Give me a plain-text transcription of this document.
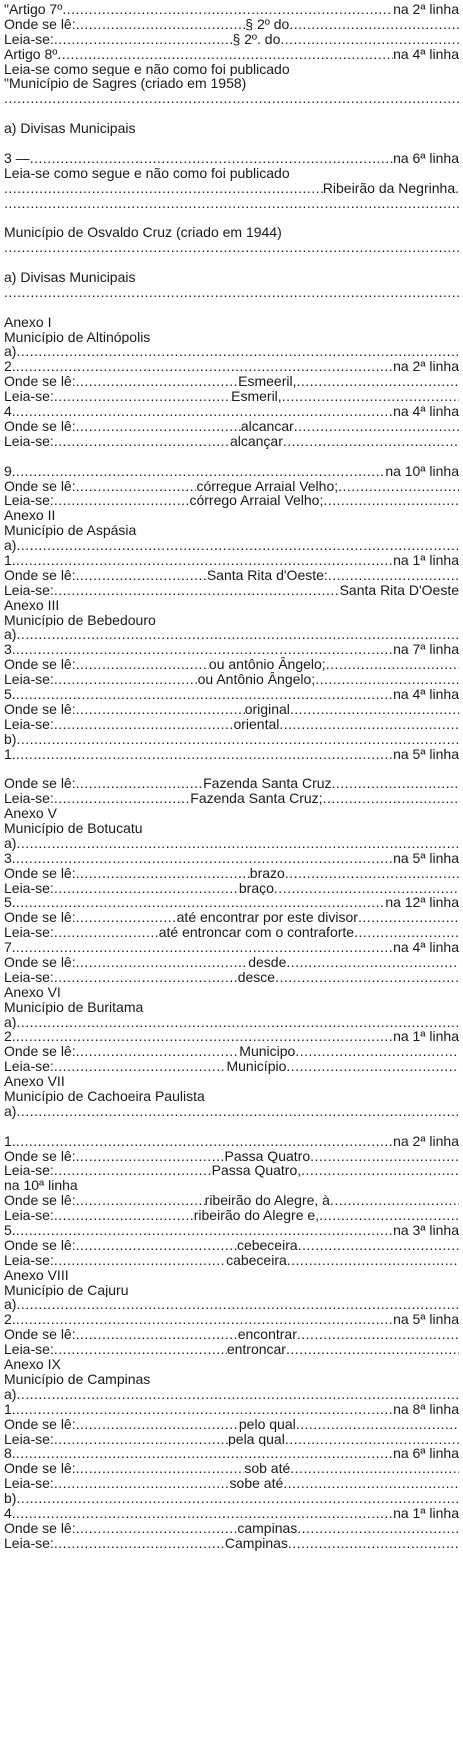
"Artigo 7º .....	na 2ª linha
Onde se lê: .....	§ 2º do
.....
Leia-se: .....	§ 2º. do
.....
Artigo 8º .....	na 4ª linha
Leia-se como segue e não como foi publicado
"Município de Sagres (criado em 1958)
.....
a) Divisas Municipais
3 — .....	na 6ª linha
Leia-se como segue e não como foi publicado
.....
Ribeirão da Negrinha.
.....
Município de Osvaldo Cruz (criado em 1944)
.....
a) Divisas Municipais
.....
Anexo I
Município de Altinópolis
a)
.....
2. .....	na 2ª linha
Onde se lê: .....	Esmeeril,
.....
Leia-se: .....	Esmeril,
.....
4. .....	na 4ª linha
Onde se lê: .....	alcancar
.....
Leia-se: .....	alcançar
.....
9. .....	na 10ª linha
Onde se lê: .....	córregue Arraial Velho;
.....
Leia-se: .....	córrego Arraial Velho;
.....
Anexo II
Município de Aspásia
a)
.....
1. .....	na 1ª linha
Onde se lê: .....	Santa Rita d'Oeste:
.....
Leia-se: .....	Santa Rita D'Oeste
Anexo III
Município de Bebedouro
a)
.....
3. .....	na 7ª linha
Onde se lê: .....	ou antônio Ângelo;
.....
Leia-se: .....	ou Antônio Ângelo;
.....
5. .....	na 4ª linha
Onde se lê: .....	original
.....
Leia-se: .....	oriental
.....
b)
.....
1. .....	na 5ª linha
Onde se lê: .....	Fazenda Santa Cruz
.....
Leia-se: .....	Fazenda Santa Cruz;
.....
Anexo V
Município de Botucatu
a)
.....
3. .....	na 5ª linha
Onde se lê: .....	brazo
.....
Leia-se: .....	braço
.....
5. .....	na 12ª linha
Onde se lê: .....	até encontrar por este divisor
.....
Leia-se: .....	até entroncar com o contraforte
.....
7. .....	na 4ª linha
Onde se lê: .....	desde
.....
Leia-se: .....	desce
.....
Anexo VI
Município de Buritama
a)
.....
2. .....	na 1ª linha
Onde se lê: .....	Municipo
.....
Leia-se: .....	Município
.....
Anexo VII
Município de Cachoeira Paulista
a)
.....
1. .....	na 2ª linha
Onde se lê: .....	Passa Quatro
.....
Leia-se: .....	Passa Quatro,
.....
na 10ª linha
Onde se lê: .....	ribeirão do Alegre, à
.....
Leia-se: .....	ribeirão do Alegre e,
.....
5. .....	na 3ª linha
Onde se lê: .....	cebeceira
.....
Leia-se: .....	cabeceira
.....
Anexo VIII
Município de Cajuru
a)
.....
2. .....	na 5ª linha
Onde se lê: .....	encontrar
.....
Leia-se: .....	entroncar
.....
Anexo IX
Município de Campinas
a)
.....
1. .....	na 8ª linha
Onde se lê: .....	pelo qual
.....
Leia-se: .....	pela qual
.....
8. .....	na 6ª linha
Onde se lê: .....	sob até
.....
Leia-se: .....	sobe até
.....
b)
.....
4. .....	na 1ª linha
Onde se lê: .....	campinas
.....
Leia-se: .....	Campinas
.....
